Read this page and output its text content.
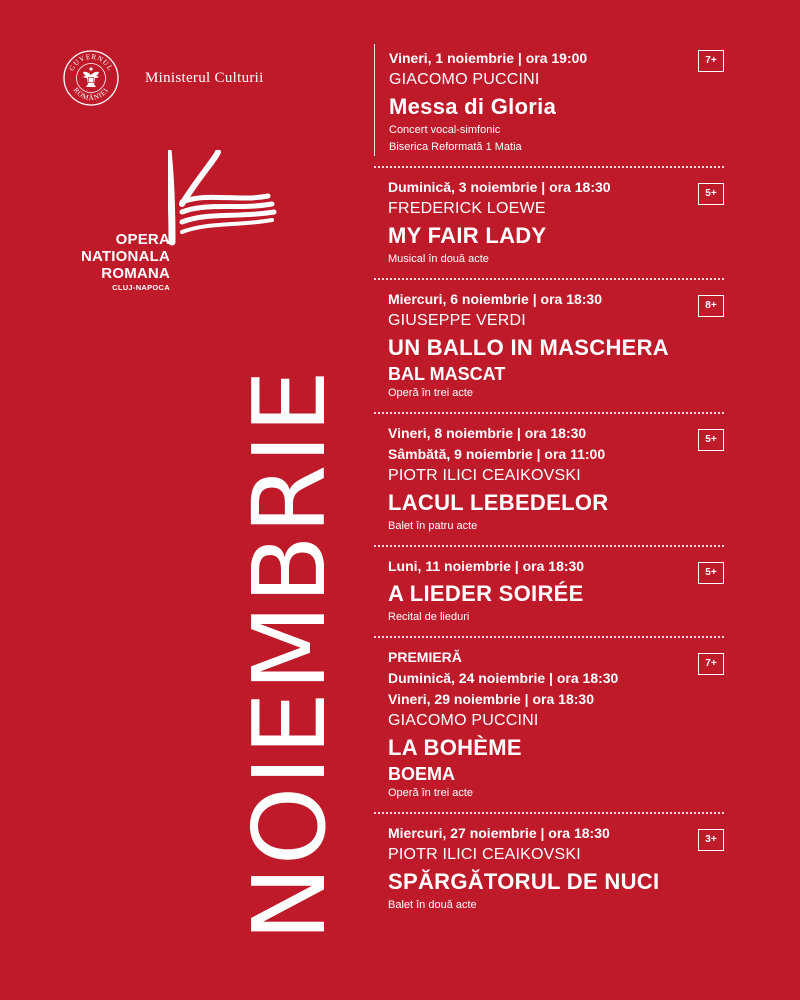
GUVERNUL
ROMÂNIEI
Ministerul Culturii
OPERA
NATIONALA
ROMANA
CLUJ-NAPOCA
NOIEMBRIE
7+
Vineri, 1 noiembrie | ora 19:00
GIACOMO PUCCINI
Messa di Gloria
Concert vocal-simfonic
Biserica Reformată 1 Matia
5+
Duminică, 3 noiembrie | ora 18:30
FREDERICK LOEWE
MY FAIR LADY
Musical în două acte
8+
Miercuri, 6 noiembrie | ora 18:30
GIUSEPPE VERDI
UN BALLO IN MASCHERA
BAL MASCAT
Operă în trei acte
5+
Vineri, 8 noiembrie | ora 18:30
Sâmbătă, 9 noiembrie | ora 11:00
PIOTR ILICI CEAIKOVSKI
LACUL LEBEDELOR
Balet în patru acte
5+
Luni, 11 noiembrie | ora 18:30
A LIEDER SOIRÉE
Recital de lieduri
7+
PREMIERĂ
Duminică, 24 noiembrie | ora 18:30
Vineri, 29 noiembrie | ora 18:30
GIACOMO PUCCINI
LA BOHÈME
BOEMA
Operă în trei acte
3+
Miercuri, 27 noiembrie | ora 18:30
PIOTR ILICI CEAIKOVSKI
SPĂRGĂTORUL DE NUCI
Balet în două acte
